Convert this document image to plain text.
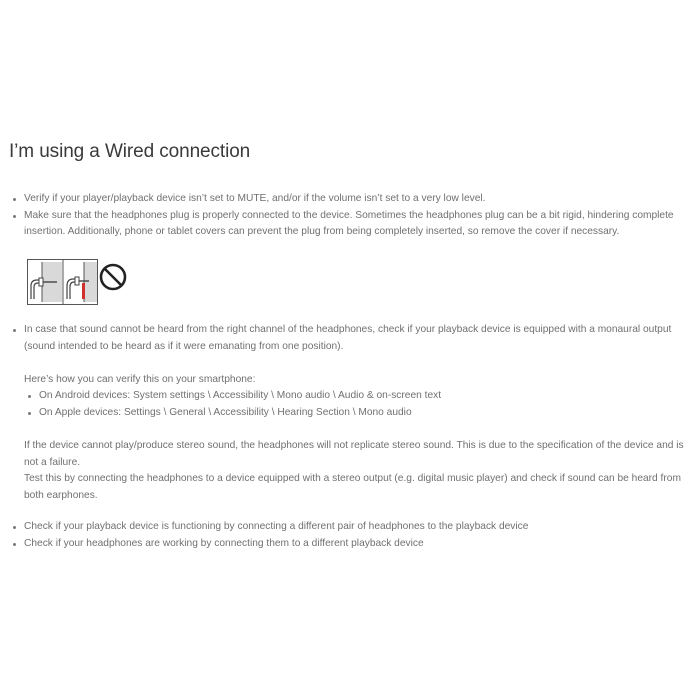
I’m using a Wired connection
Verify if your player/playback device isn’t set to MUTE, and/or if the volume isn’t set to a very low level.
Make sure that the headphones plug is properly connected to the device. Sometimes the headphones plug can be a bit rigid, hindering complete insertion. Additionally, phone or tablet covers can prevent the plug from being completely inserted, so remove the cover if necessary.
In case that sound cannot be heard from the right channel of the headphones, check if your playback device is equipped with a monaural output (sound intended to be heard as if it were emanating from one position).
Here’s how you can verify this on your smartphone:
On Android devices: System settings \ Accessibility \ Mono audio \ Audio & on-screen text
On Apple devices: Settings \ General \ Accessibility \ Hearing Section \ Mono audio
If the device cannot play/produce stereo sound, the headphones will not replicate stereo sound. This is due to the specification of the device and is not a failure.
Test this by connecting the headphones to a device equipped with a stereo output (e.g. digital music player) and check if sound can be heard from both earphones.
Check if your playback device is functioning by connecting a different pair of headphones to the playback device
Check if your headphones are working by connecting them to a different playback device
